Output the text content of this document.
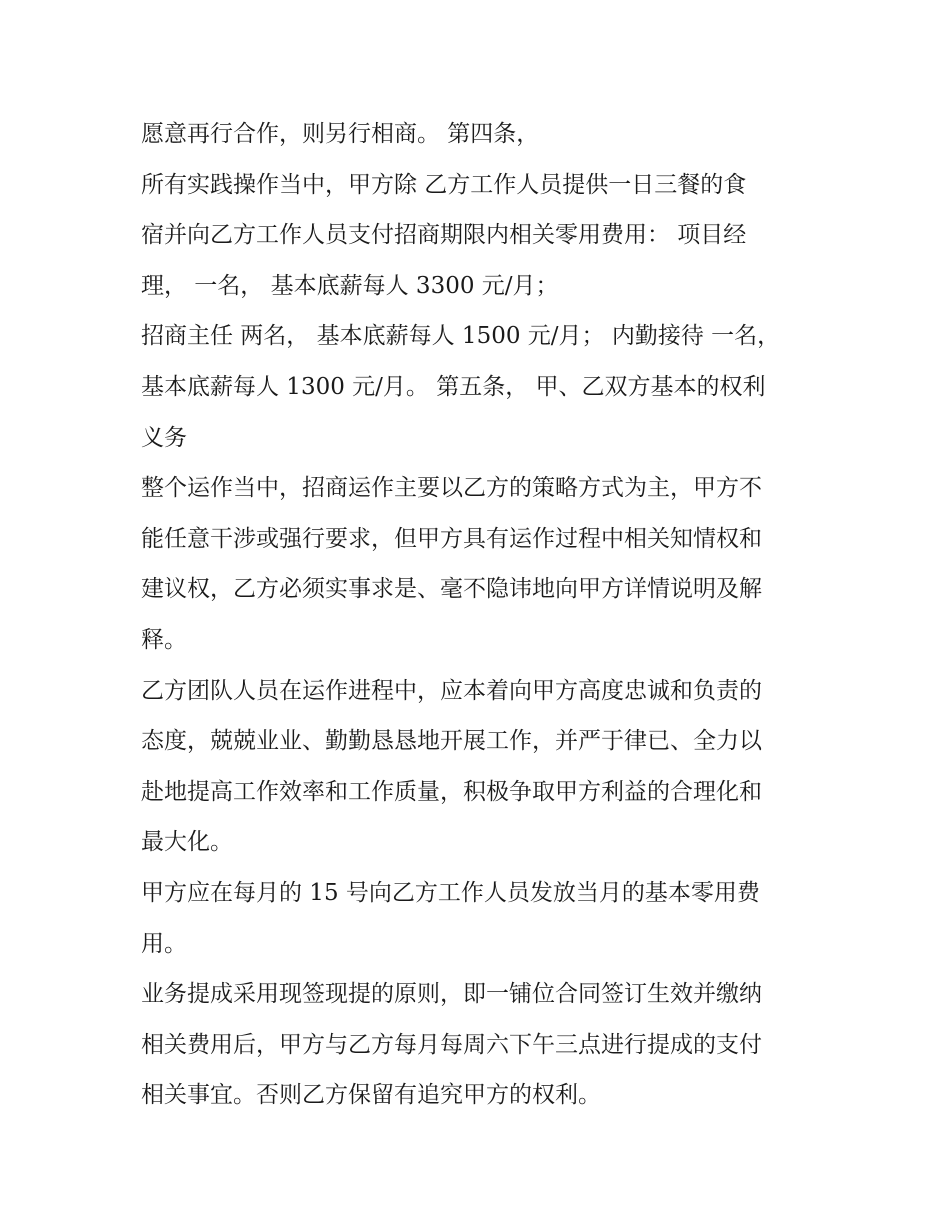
愿意再行合作，则另行相商。 第四条，
所有实践操作当中，甲方除 乙方工作人员提供一日三餐的食
宿并向乙方工作人员支付招商期限内相关零用费用： 项目经
理， 一名， 基本底薪每人 3300 元/月；
招商主任 两名， 基本底薪每人 1500 元/月； 内勤接待 一名，
基本底薪每人 1300 元/月。 第五条， 甲、乙双方基本的权利
义务
整个运作当中，招商运作主要以乙方的策略方式为主，甲方不
能任意干涉或强行要求，但甲方具有运作过程中相关知情权和
建议权，乙方必须实事求是、毫不隐讳地向甲方详情说明及解
释。
乙方团队人员在运作进程中，应本着向甲方高度忠诚和负责的
态度，兢兢业业、勤勤恳恳地开展工作，并严于律已、全力以
赴地提高工作效率和工作质量，积极争取甲方利益的合理化和
最大化。
甲方应在每月的 15 号向乙方工作人员发放当月的基本零用费
用。
业务提成采用现签现提的原则，即一铺位合同签订生效并缴纳
相关费用后，甲方与乙方每月每周六下午三点进行提成的支付
相关事宜。否则乙方保留有追究甲方的权利。
